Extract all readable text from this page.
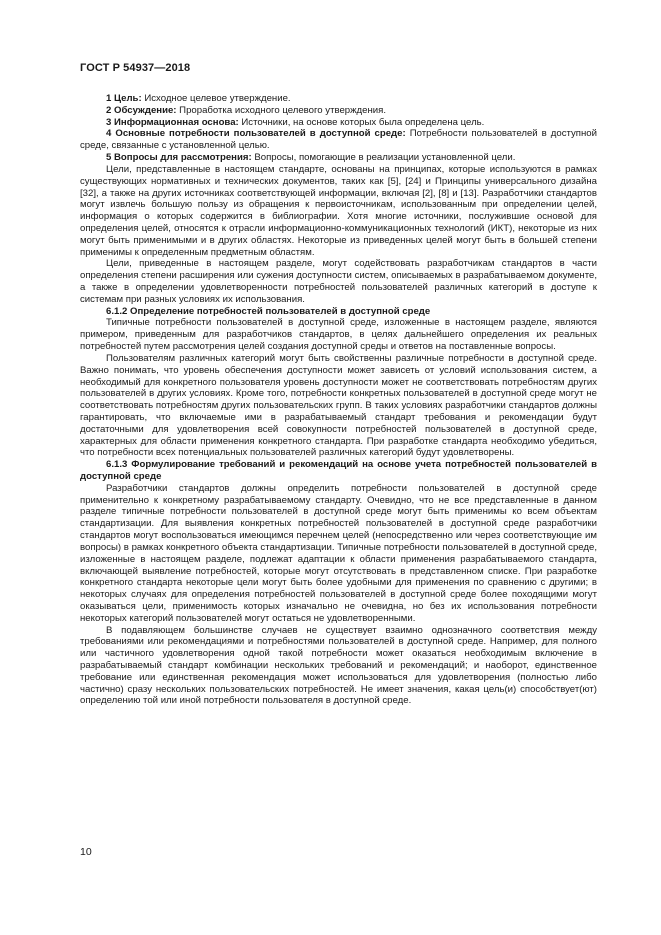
ГОСТ Р 54937—2018

1 Цель: Исходное целевое утверждение.

2 Обсуждение: Проработка исходного целевого утверждения.

3 Информационная основа: Источники, на основе которых была определена цель.

4 Основные потребности пользователей в доступной среде: Потребности пользователей в доступной среде, связанные с установленной целью.

5 Вопросы для рассмотрения: Вопросы, помогающие в реализации установленной цели.

Цели, представленные в настоящем стандарте, основаны на принципах, которые используются в рамках существующих нормативных и технических документов, таких как [5], [24] и Принципы универсального дизайна [32], а также на других источниках соответствующей информации, включая [2], [8] и [13]. Разработчики стандартов могут извлечь большую пользу из обращения к первоисточникам, использованным при определении целей, информация о которых содержится в библиографии. Хотя многие источники, послужившие основой для определения целей, относятся к отрасли информационно-коммуникационных технологий (ИКТ), некоторые из них могут быть применимыми и в других областях. Некоторые из приведенных целей могут быть в большей степени применимы к определенным предметным областям.

Цели, приведенные в настоящем разделе, могут содействовать разработчикам стандартов в части определения степени расширения или сужения доступности систем, описываемых в разрабатываемом документе, а также в определении удовлетворенности потребностей пользователей различных категорий в доступе к системам при разных условиях их использования.

6.1.2 Определение потребностей пользователей в доступной среде

Типичные потребности пользователей в доступной среде, изложенные в настоящем разделе, являются примером, приведенным для разработчиков стандартов, в целях дальнейшего определения их реальных потребностей путем рассмотрения целей создания доступной среды и ответов на поставленные вопросы.

Пользователям различных категорий могут быть свойственны различные потребности в доступной среде. Важно понимать, что уровень обеспечения доступности может зависеть от условий использования систем, а необходимый для конкретного пользователя уровень доступности может не соответствовать потребностям других пользователей в других условиях. Кроме того, потребности конкретных пользователей в доступной среде могут не соответствовать потребностям других пользовательских групп. В таких условиях разработчики стандартов должны гарантировать, что включаемые ими в разрабатываемый стандарт требования и рекомендации будут достаточными для удовлетворения всей совокупности потребностей пользователей в доступной среде, характерных для области применения конкретного стандарта. При разработке стандарта необходимо убедиться, что потребности всех потенциальных пользователей различных категорий будут удовлетворены.

6.1.3 Формулирование требований и рекомендаций на основе учета потребностей пользователей в доступной среде

Разработчики стандартов должны определить потребности пользователей в доступной среде применительно к конкретному разрабатываемому стандарту. Очевидно, что не все представленные в данном разделе типичные потребности пользователей в доступной среде могут быть применимы ко всем объектам стандартизации. Для выявления конкретных потребностей пользователей в доступной среде разработчики стандартов могут воспользоваться имеющимся перечнем целей (непосредственно или через соответствующие им вопросы) в рамках конкретного объекта стандартизации. Типичные потребности пользователей в доступной среде, изложенные в настоящем разделе, подлежат адаптации к области применения разрабатываемого стандарта, включающей выявление потребностей, которые могут отсутствовать в представленном списке. При разработке конкретного стандарта некоторые цели могут быть более удобными для применения по сравнению с другими; в некоторых случаях для определения потребностей пользователей в доступной среде более походящими могут оказываться цели, применимость которых изначально не очевидна, но без их использования потребности некоторых категорий пользователей могут остаться не удовлетворенными.

В подавляющем большинстве случаев не существует взаимно однозначного соответствия между требованиями или рекомендациями и потребностями пользователей в доступной среде. Например, для полного или частичного удовлетворения одной такой потребности может оказаться необходимым включение в разрабатываемый стандарт комбинации нескольких требований и рекомендаций; и наоборот, единственное требование или единственная рекомендация может использоваться для удовлетворения (полностью либо частично) сразу нескольких пользовательских потребностей. Не имеет значения, какая цель(и) способствует(ют) определению той или иной потребности пользователя в доступной среде.

10
